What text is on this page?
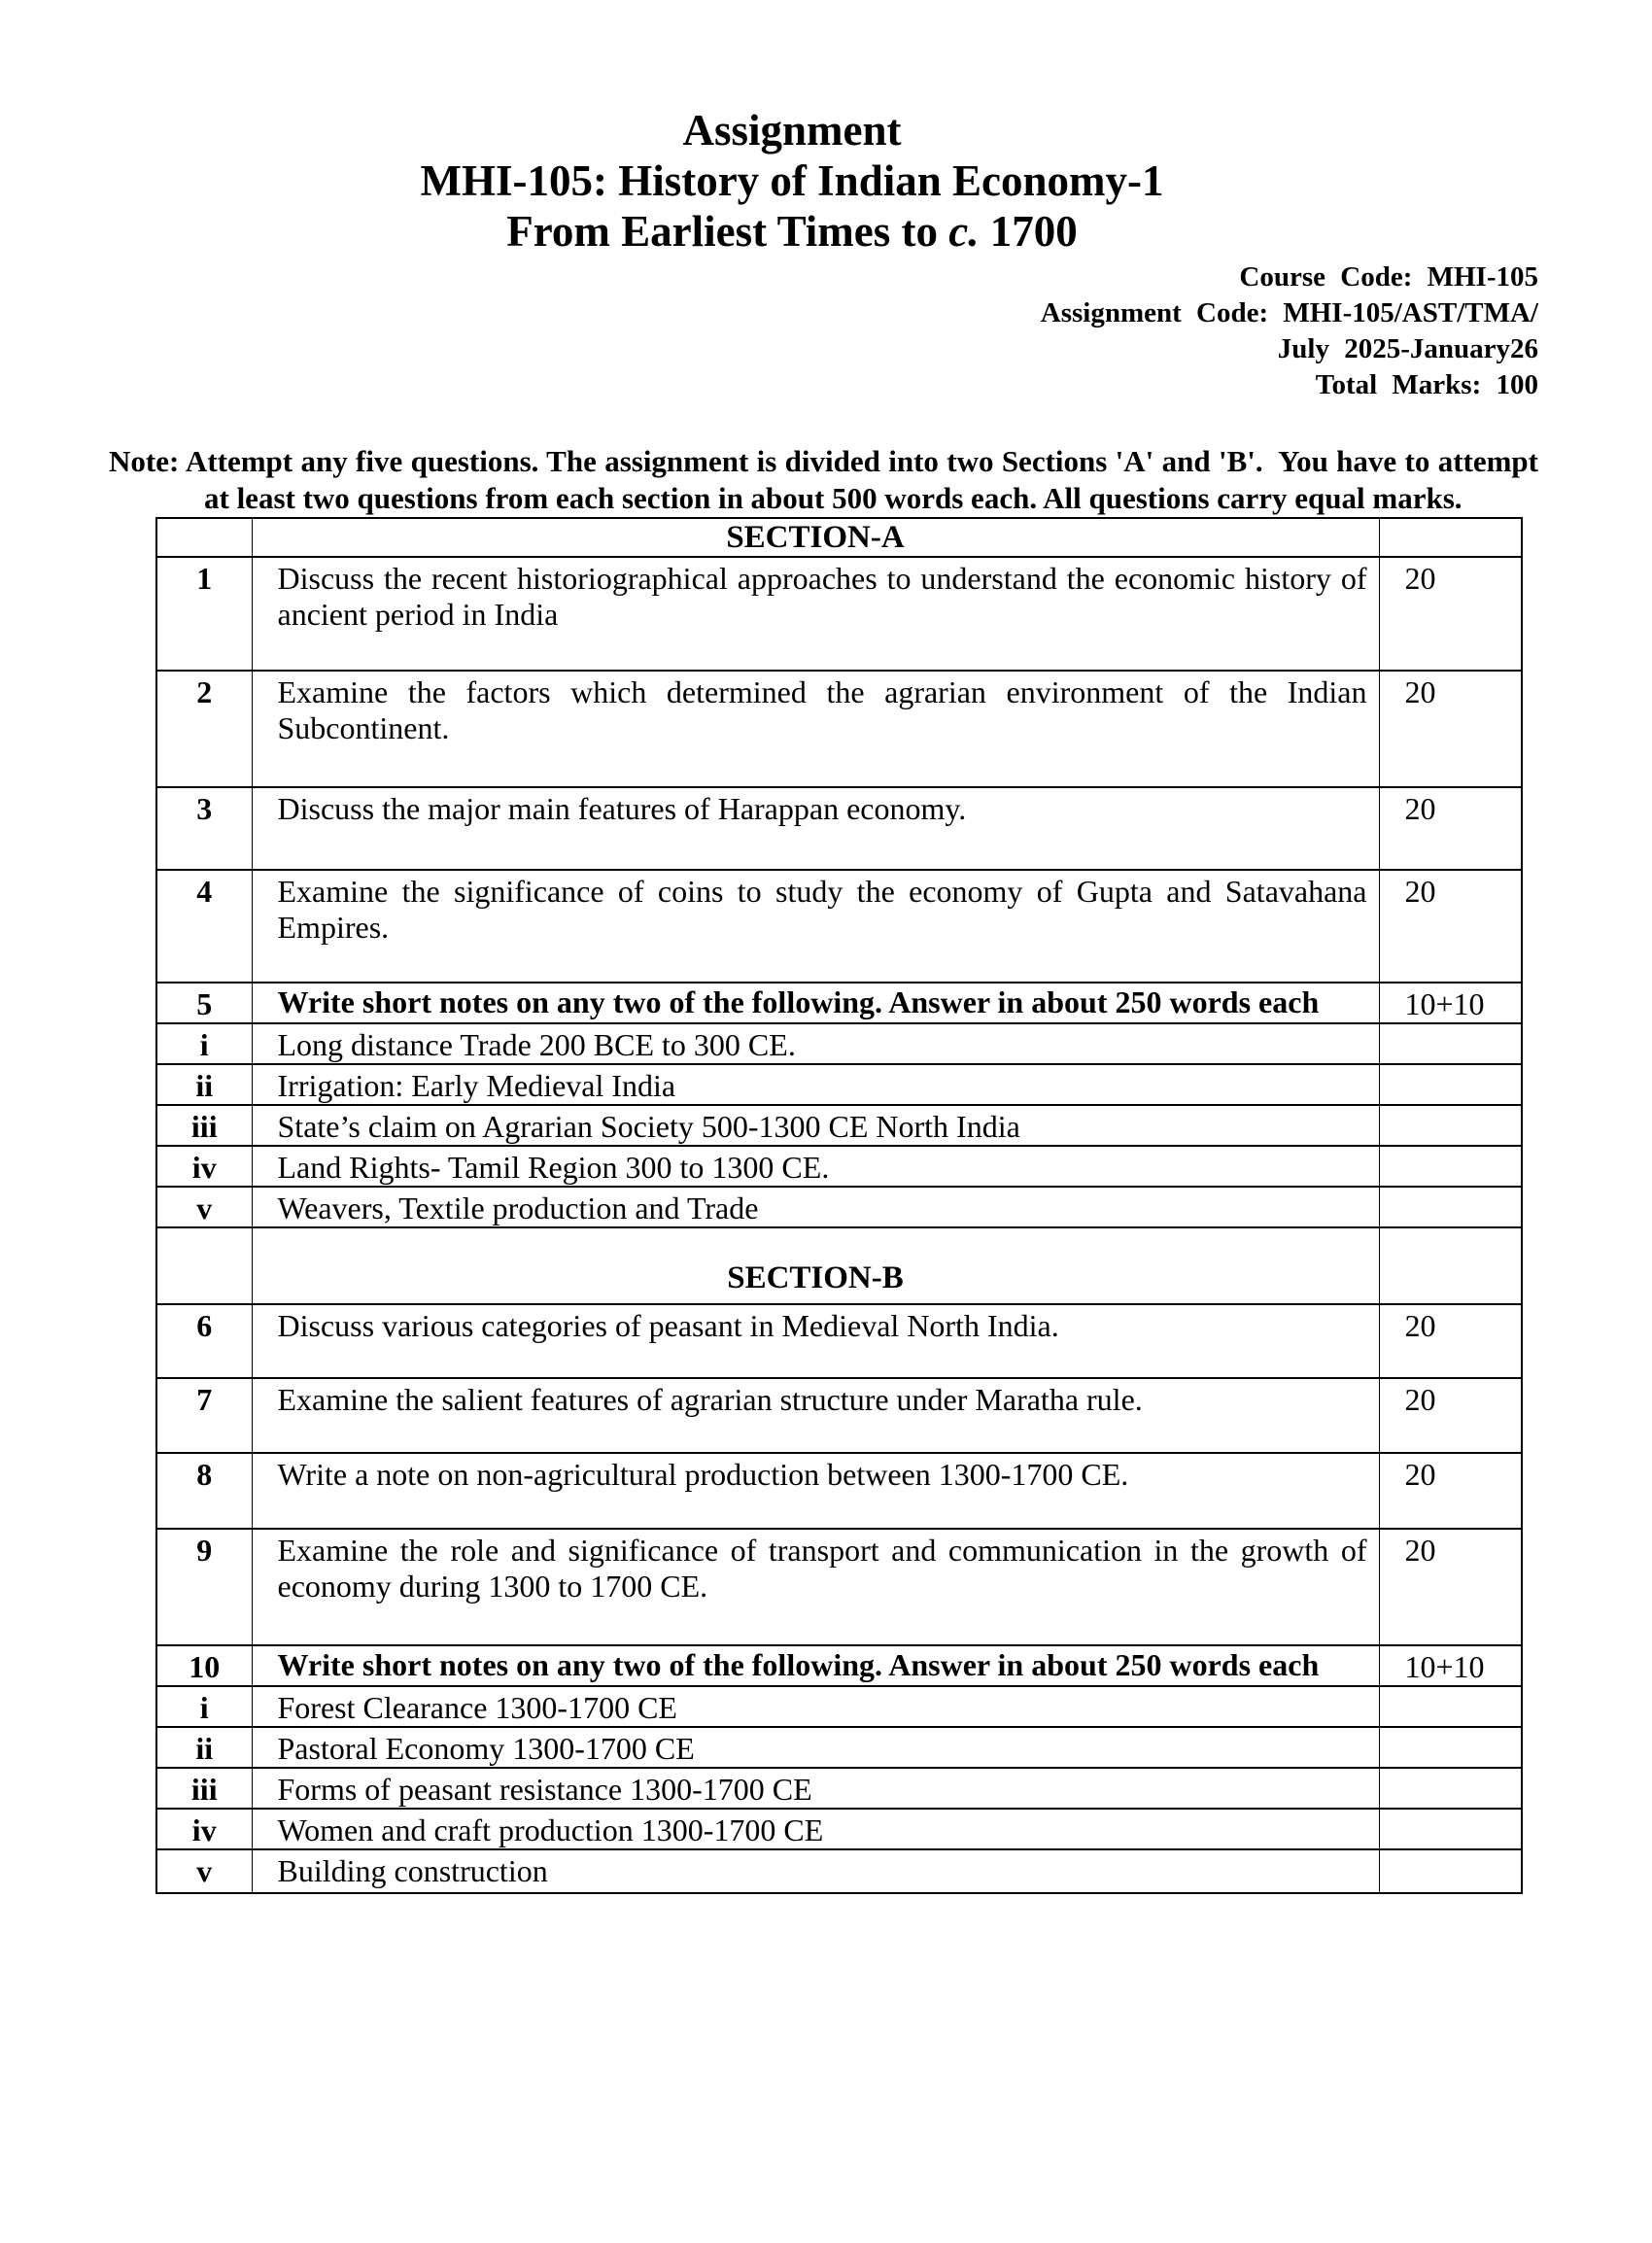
Assignment
MHI-105: History of Indian Economy-1
From Earliest Times to c. 1700
Course Code: MHI-105
Assignment Code: MHI-105/AST/TMA/
July 2025-January26
Total Marks: 100
Note: Attempt any five questions. The assignment is divided into two Sections 'A' and 'B'.  You have to attempt at least two questions from each section in about 500 words each. All questions carry equal marks.
	SECTION-A	
1	Discuss the recent historiographical approaches to understand the economic history of ancient period in India	20
2	Examine the factors which determined the agrarian environment of the Indian Subcontinent.	20
3	Discuss the major main features of Harappan economy.	20
4	Examine the significance of coins to study the economy of Gupta and Satavahana Empires.	20
5	Write short notes on any two of the following. Answer in about 250 words each	10+10
i	Long distance Trade 200 BCE to 300 CE.	
ii	Irrigation: Early Medieval India	
iii	State’s claim on Agrarian Society 500-1300 CE North India	
iv	Land Rights- Tamil Region 300 to 1300 CE.	
v	Weavers, Textile production and Trade	
	SECTION-B	
6	Discuss various categories of peasant in Medieval North India.	20
7	Examine the salient features of agrarian structure under Maratha rule.	20
8	Write a note on non-agricultural production between 1300-1700 CE.	20
9	Examine the role and significance of transport and communication in the growth of economy during 1300 to 1700 CE.	20
10	Write short notes on any two of the following. Answer in about 250 words each	10+10
i	Forest Clearance 1300-1700 CE	
ii	Pastoral Economy 1300-1700 CE	
iii	Forms of peasant resistance 1300-1700 CE	
iv	Women and craft production 1300-1700 CE	
v	Building construction	
